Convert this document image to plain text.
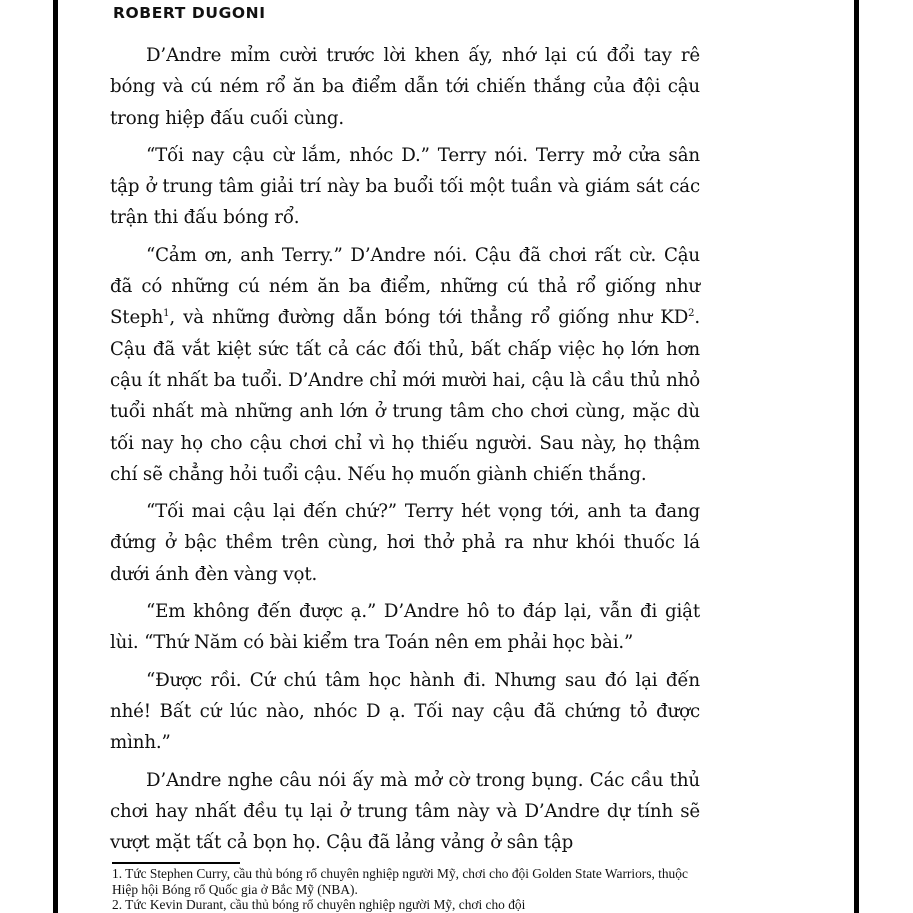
ROBERT DUGONI

D’Andre mỉm cười trước lời khen ấy, nhớ lại cú đổi tay rê bóng và cú ném rổ ăn ba điểm dẫn tới chiến thắng của đội cậu trong hiệp đấu cuối cùng.

“Tối nay cậu cừ lắm, nhóc D.” Terry nói. Terry mở cửa sân tập ở trung tâm giải trí này ba buổi tối một tuần và giám sát các trận thi đấu bóng rổ.

“Cảm ơn, anh Terry.” D’Andre nói. Cậu đã chơi rất cừ. Cậu đã có những cú ném ăn ba điểm, những cú thả rổ giống như Steph$^1$, và những đường dẫn bóng tới thẳng rổ giống như $KD^2$. Cậu đã vắt kiệt sức tất cả các đối thủ, bất chấp việc họ lớn hơn cậu ít nhất ba tuổi. D’Andre chỉ mới mười hai, cậu là cầu thủ nhỏ tuổi nhất mà những anh lớn ở trung tâm cho chơi cùng, mặc dù tối nay họ cho cậu chơi chỉ vì họ thiếu người. Sau này, họ thậm chí sẽ chẳng hỏi tuổi cậu. Nếu họ muốn giành chiến thắng.

“Tối mai cậu lại đến chứ?” Terry hét vọng tới, anh ta đang đứng ở bậc thềm trên cùng, hơi thở phả ra như khói thuốc lá dưới ánh đèn vàng vọt.

“Em không đến được ạ.” D’Andre hô to đáp lại, vẫn đi giật lùi. “Thứ Năm có bài kiểm tra Toán nên em phải học bài.”

“Được rồi. Cứ chú tâm học hành đi. Nhưng sau đó lại đến nhé! Bất cứ lúc nào, nhóc D ạ. Tối nay cậu đã chứng tỏ được mình.”

D’Andre nghe câu nói ấy mà mở cờ trong bụng. Các cầu thủ chơi hay nhất đều tụ lại ở trung tâm này và D’Andre dự tính sẽ vượt mặt tất cả bọn họ. Cậu đã lảng vảng ở sân tập

1. Tức Stephen Curry, cầu thủ bóng rổ chuyên nghiệp người Mỹ, chơi cho đội Golden State Warriors, thuộc Hiệp hội Bóng rổ Quốc gia ở Bắc Mỹ (NBA).

2. Tức Kevin Durant, cầu thủ bóng rổ chuyên nghiệp người Mỹ, chơi cho đội
